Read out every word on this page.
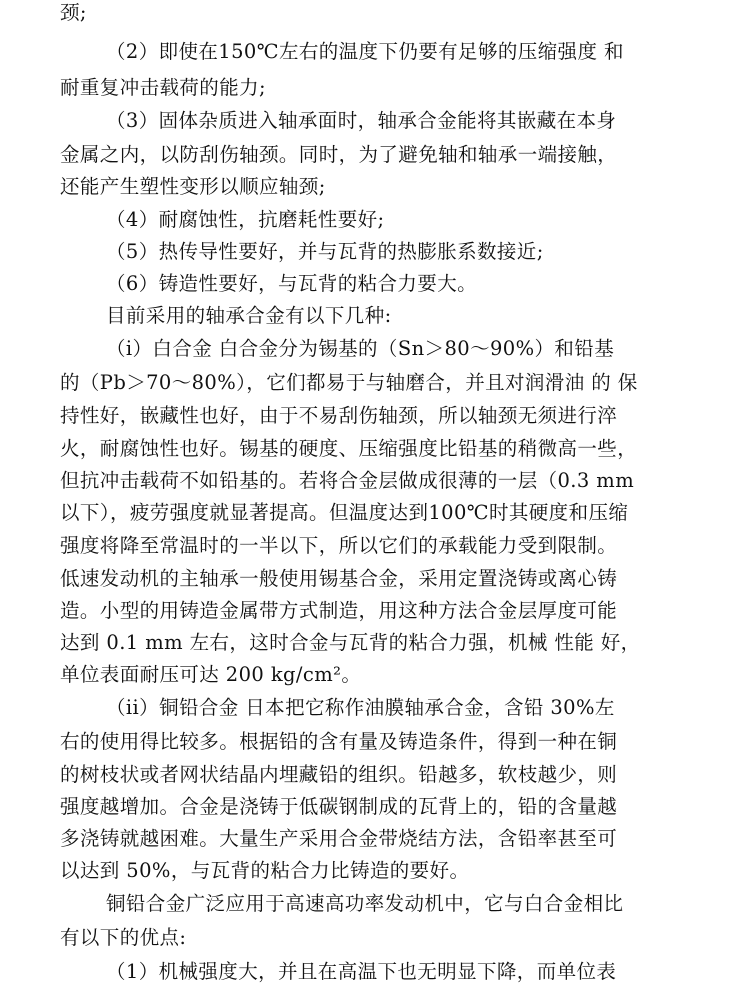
颈;
（2）即使在150℃左右的温度下仍要有足够的压缩强度 和
耐重复冲击载荷的能力;
（3）固体杂质进入轴承面时，轴承合金能将其嵌藏在本身
金属之内，以防刮伤轴颈。同时，为了避免轴和轴承一端接触，
还能产生塑性变形以顺应轴颈;
（4）耐腐蚀性，抗磨耗性要好;
（5）热传导性要好，并与瓦背的热膨胀系数接近;
（6）铸造性要好，与瓦背的粘合力要大。
目前采用的轴承合金有以下几种:
（i）白合金 白合金分为锡基的（Sn＞80～90%）和铅基
的（Pb＞70～80%），它们都易于与轴磨合，并且对润滑油 的 保
持性好，嵌藏性也好，由于不易刮伤轴颈，所以轴颈无须进行淬
火，耐腐蚀性也好。锡基的硬度、压缩强度比铅基的稍微高一些，
但抗冲击载荷不如铅基的。若将合金层做成很薄的一层（0.3 mm
以下），疲劳强度就显著提高。但温度达到100℃时其硬度和压缩
强度将降至常温时的一半以下，所以它们的承载能力受到限制。
低速发动机的主轴承一般使用锡基合金，采用定置浇铸或离心铸
造。小型的用铸造金属带方式制造，用这种方法合金层厚度可能
达到 0.1 mm 左右，这时合金与瓦背的粘合力强，机械 性能 好，
单位表面耐压可达 200 kg/cm²。
（ii）铜铅合金 日本把它称作油膜轴承合金，含铅 30%左
右的使用得比较多。根据铅的含有量及铸造条件，得到一种在铜
的树枝状或者网状结晶内埋藏铅的组织。铅越多，软枝越少，则
强度越增加。合金是浇铸于低碳钢制成的瓦背上的，铅的含量越
多浇铸就越困难。大量生产采用合金带烧结方法，含铅率甚至可
以达到 50%，与瓦背的粘合力比铸造的要好。
铜铅合金广泛应用于高速高功率发动机中，它与白合金相比
有以下的优点:
（1）机械强度大，并且在高温下也无明显下降，而单位表
